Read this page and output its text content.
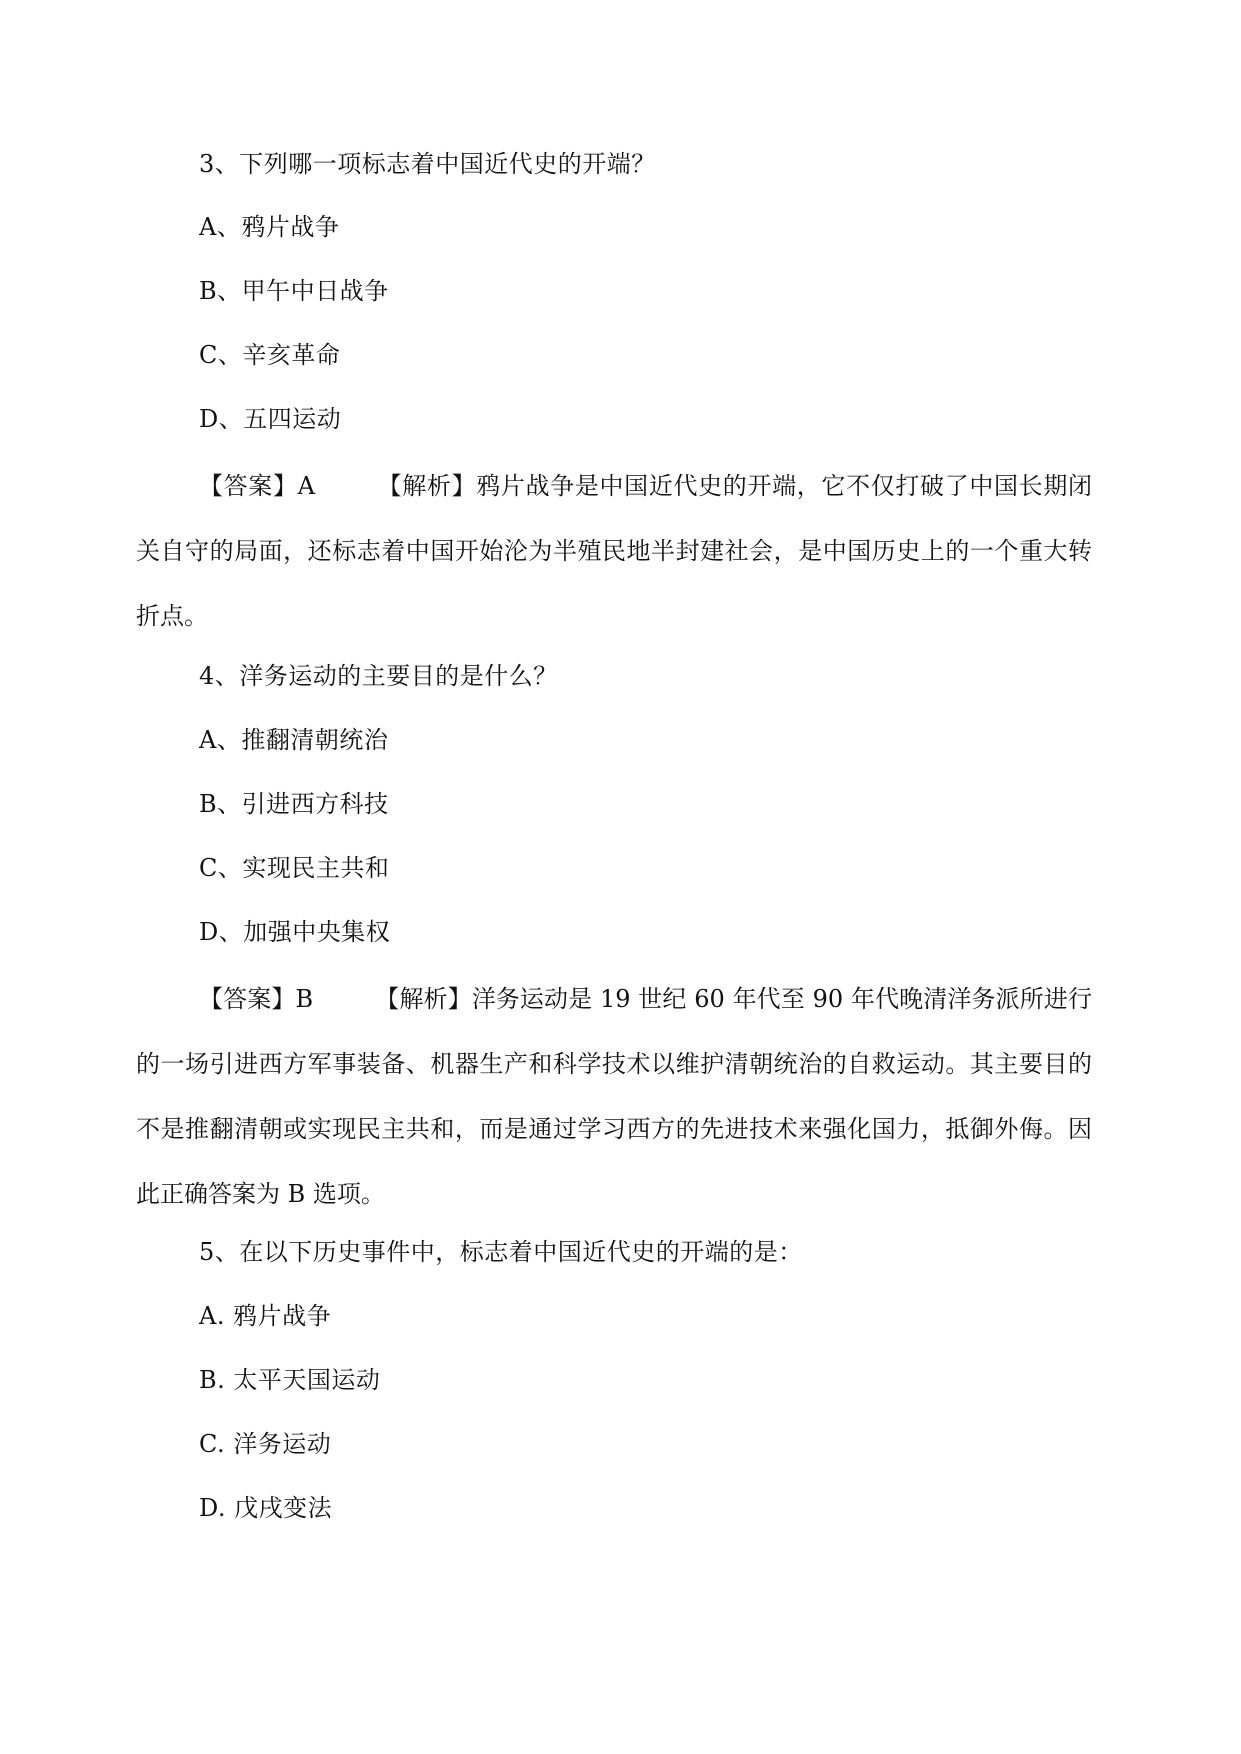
3、下列哪一项标志着中国近代史的开端？
A、鸦片战争
B、甲午中日战争
C、辛亥革命
D、五四运动
【答案】A	【解析】鸦片战争是中国近代史的开端，它不仅打破了中国长期闭关自守的局面，还标志着中国开始沦为半殖民地半封建社会，是中国历史上的一个重大转折点。
4、洋务运动的主要目的是什么？
A、推翻清朝统治
B、引进西方科技
C、实现民主共和
D、加强中央集权
【答案】B	【解析】洋务运动是 19 世纪 60 年代至 90 年代晚清洋务派所进行的一场引进西方军事装备、机器生产和科学技术以维护清朝统治的自救运动。其主要目的不是推翻清朝或实现民主共和，而是通过学习西方的先进技术来强化国力，抵御外侮。因此正确答案为 B 选项。
5、在以下历史事件中，标志着中国近代史的开端的是：
A. 鸦片战争
B. 太平天国运动
C. 洋务运动
D. 戊戌变法
